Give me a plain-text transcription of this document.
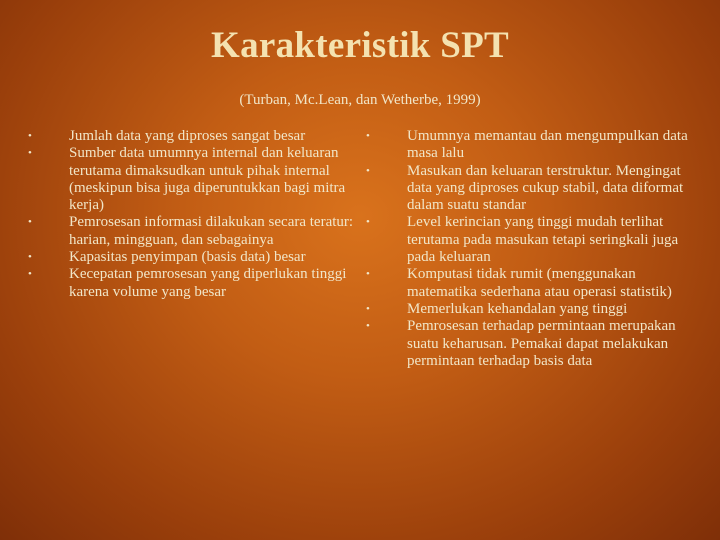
Karakteristik SPT
(Turban, Mc.Lean, dan Wetherbe, 1999)
• Jumlah data yang diproses sangat besar
• Sumber data umumnya internal dan keluaran terutama dimaksudkan untuk pihak internal (meskipun bisa juga diperuntukkan bagi mitra kerja)
• Pemrosesan informasi dilakukan secara teratur: harian, mingguan, dan sebagainya
• Kapasitas penyimpan (basis data) besar
• Kecepatan pemrosesan yang diperlukan tinggi karena volume yang besar
• Umumnya memantau dan mengumpulkan data masa lalu
• Masukan dan keluaran terstruktur. Mengingat data yang diproses cukup stabil, data diformat dalam suatu standar
• Level kerincian yang tinggi mudah terlihat terutama pada masukan tetapi seringkali juga pada keluaran
• Komputasi tidak rumit (menggunakan matematika sederhana atau operasi statistik)
• Memerlukan kehandalan yang tinggi
• Pemrosesan terhadap permintaan merupakan suatu keharusan. Pemakai dapat melakukan permintaan terhadap basis data
